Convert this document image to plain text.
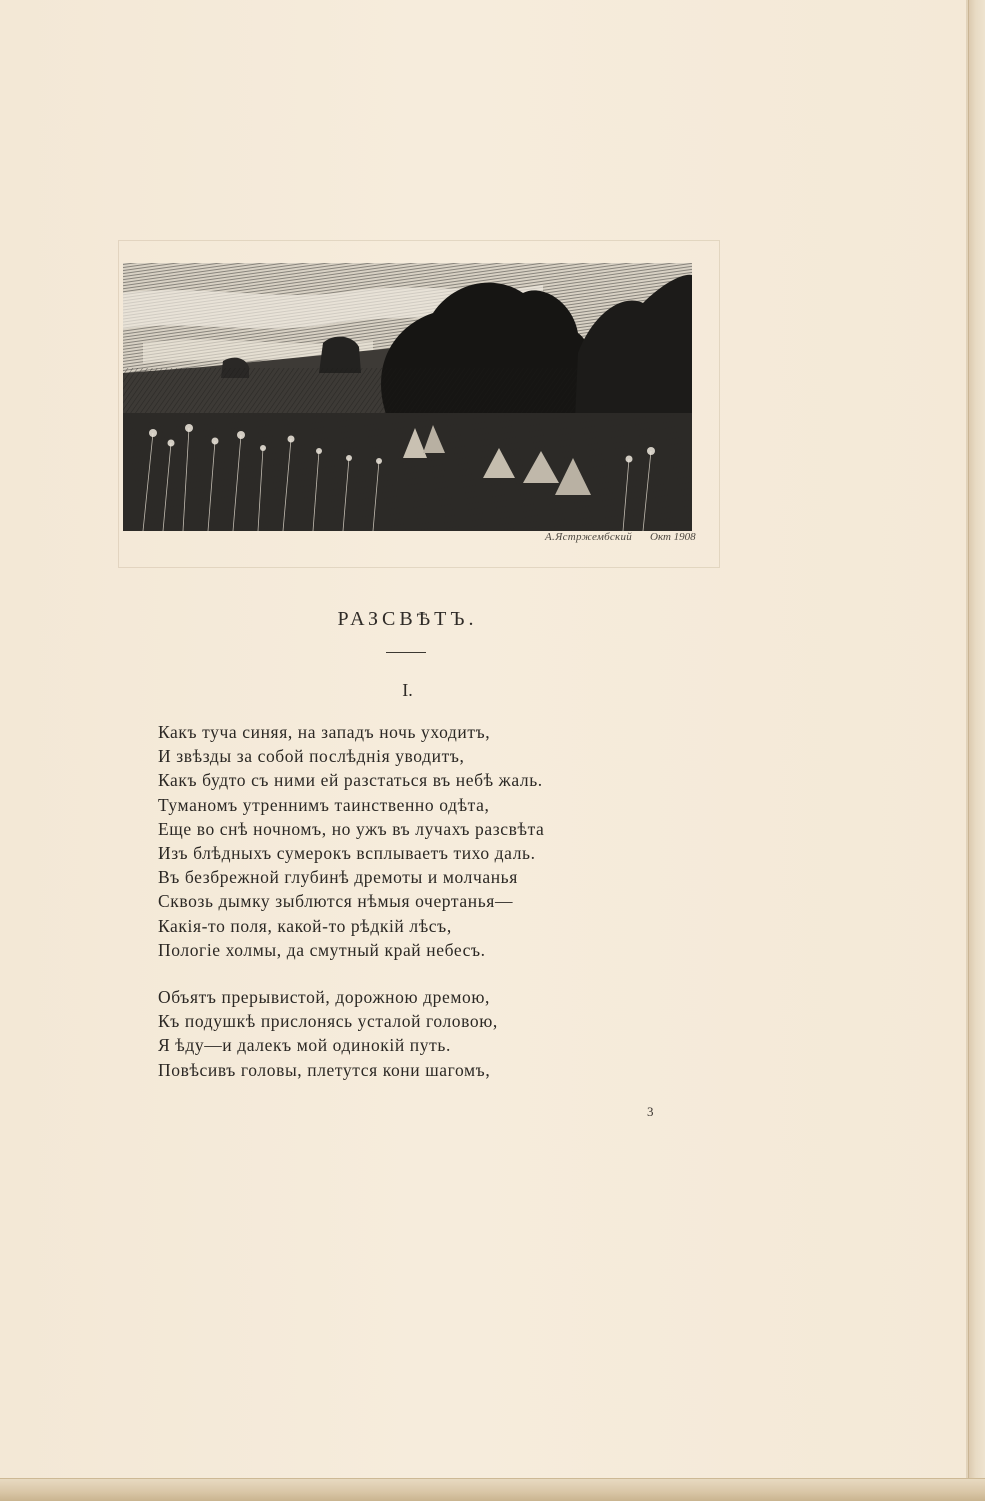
А.Ястржембский Окт 1908
РАЗСВѢТЪ.
I.
Какъ туча синяя, на западъ ночь уходитъ,
И звѣзды за собой послѣднія уводитъ,
Какъ будто съ ними ей разстаться въ небѣ жаль.
Туманомъ утреннимъ таинственно одѣта,
Еще во снѣ ночномъ, но ужъ въ лучахъ разсвѣта
Изъ блѣдныхъ сумерокъ всплываетъ тихо даль.
Въ безбрежной глубинѣ дремоты и молчанья
Сквозь дымку зыблются нѣмыя очертанья—
Какія-то поля, какой-то рѣдкій лѣсъ,
Пологіе холмы, да смутный край небесъ.
Объятъ прерывистой, дорожною дремою,
Къ подушкѣ прислонясь усталой головою,
Я ѣду—и далекъ мой одинокій путь.
Повѣсивъ головы, плетутся кони шагомъ,
3
